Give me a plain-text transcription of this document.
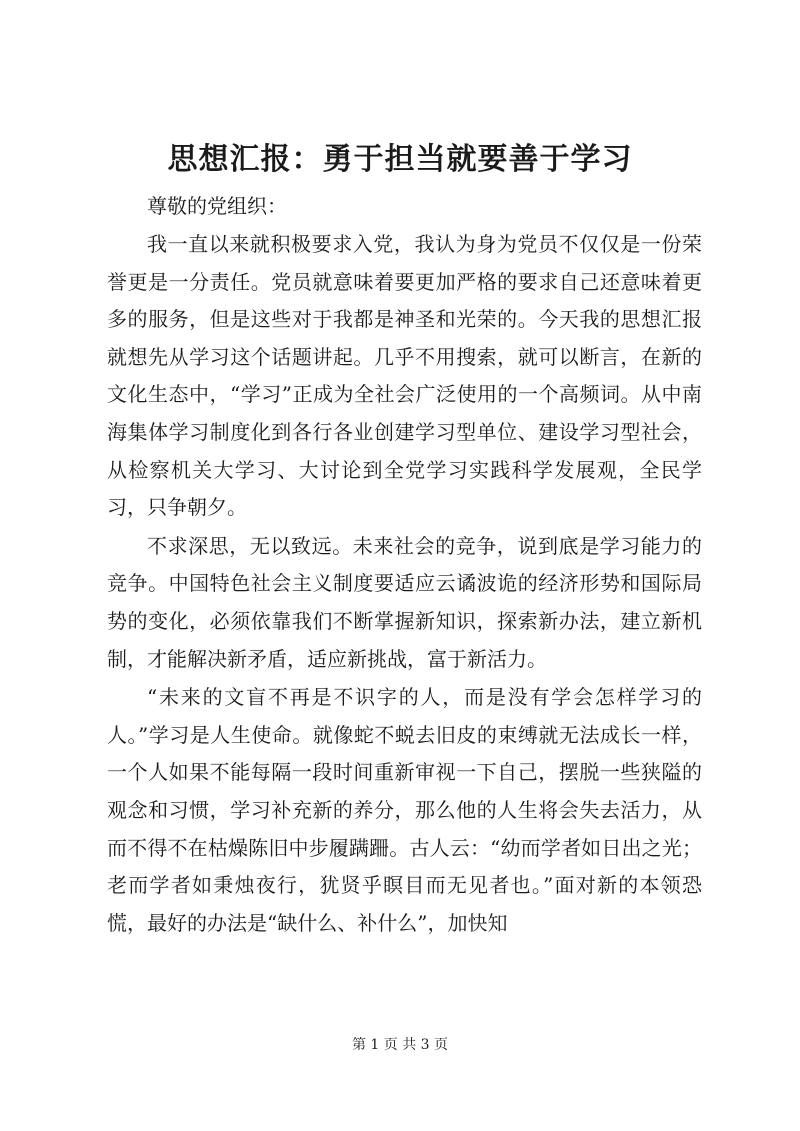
思想汇报：勇于担当就要善于学习

尊敬的党组织：

我一直以来就积极要求入党，我认为身为党员不仅仅是一份荣誉更是一分责任。党员就意味着要更加严格的要求自己还意味着更多的服务，但是这些对于我都是神圣和光荣的。今天我的思想汇报就想先从学习这个话题讲起。几乎不用搜索，就可以断言，在新的文化生态中，“学习”正成为全社会广泛使用的一个高频词。从中南海集体学习制度化到各行各业创建学习型单位、建设学习型社会，从检察机关大学习、大讨论到全党学习实践科学发展观，全民学习，只争朝夕。

不求深思，无以致远。未来社会的竞争，说到底是学习能力的竞争。中国特色社会主义制度要适应云谲波诡的经济形势和国际局势的变化，必须依靠我们不断掌握新知识，探索新办法，建立新机制，才能解决新矛盾，适应新挑战，富于新活力。

“未来的文盲不再是不识字的人，而是没有学会怎样学习的人。”学习是人生使命。就像蛇不蜕去旧皮的束缚就无法成长一样，一个人如果不能每隔一段时间重新审视一下自己，摆脱一些狭隘的观念和习惯，学习补充新的养分，那么他的人生将会失去活力，从而不得不在枯燥陈旧中步履蹒跚。古人云：“幼而学者如日出之光；老而学者如秉烛夜行，犹贤乎瞑目而无见者也。”面对新的本领恐慌，最好的办法是“缺什么、补什么”，加快知

第 1 页 共 3 页
